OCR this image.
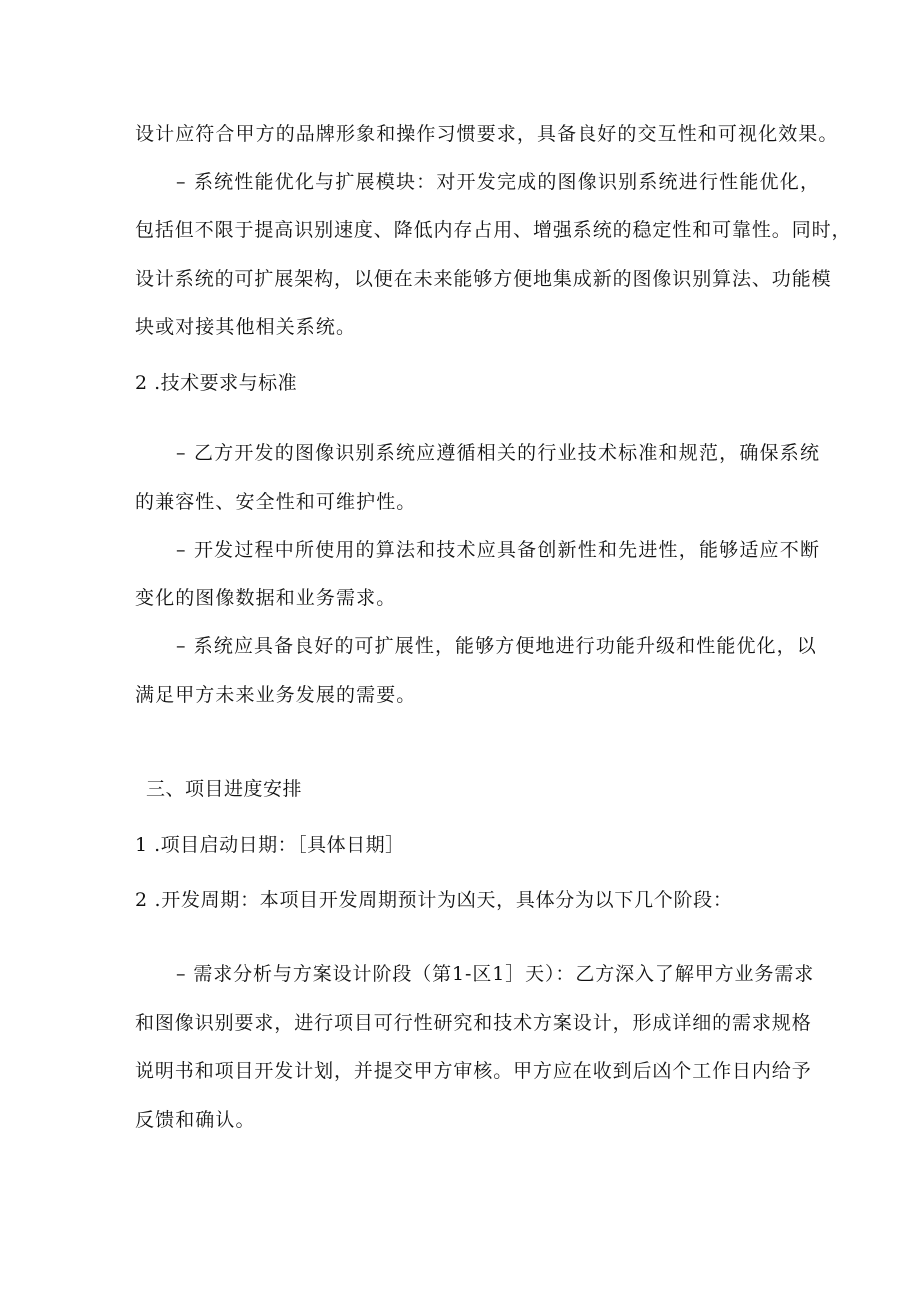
设计应符合甲方的品牌形象和操作习惯要求，具备良好的交互性和可视化效果。
– 系统性能优化与扩展模块：对开发完成的图像识别系统进行性能优化，
包括但不限于提高识别速度、降低内存占用、增强系统的稳定性和可靠性。同时，
设计系统的可扩展架构，以便在未来能够方便地集成新的图像识别算法、功能模
块或对接其他相关系统。
2 .技术要求与标准
– 乙方开发的图像识别系统应遵循相关的行业技术标准和规范，确保系统
的兼容性、安全性和可维护性。
– 开发过程中所使用的算法和技术应具备创新性和先进性，能够适应不断
变化的图像数据和业务需求。
– 系统应具备良好的可扩展性，能够方便地进行功能升级和性能优化，以
满足甲方未来业务发展的需要。
三、项目进度安排
1 .项目启动日期：［具体日期］
2 .开发周期：本项目开发周期预计为凶天，具体分为以下几个阶段：
– 需求分析与方案设计阶段（第1-区1］天）：乙方深入了解甲方业务需求
和图像识别要求，进行项目可行性研究和技术方案设计，形成详细的需求规格
说明书和项目开发计划，并提交甲方审核。甲方应在收到后凶个工作日内给予
反馈和确认。
